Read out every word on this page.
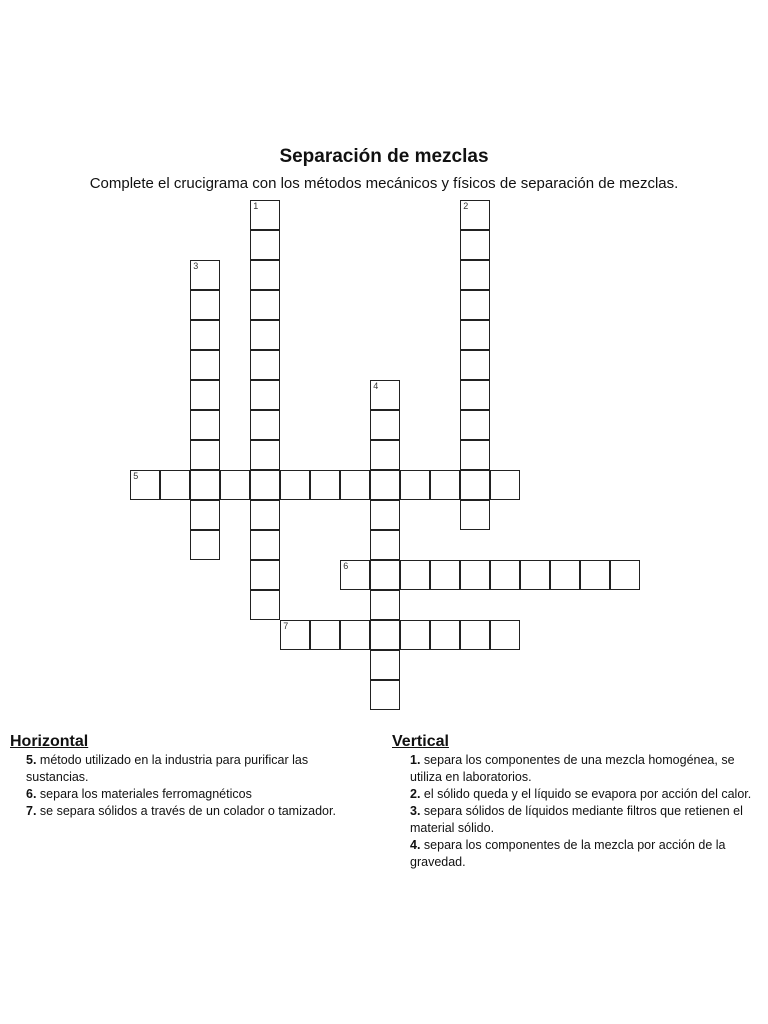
Separación de mezclas
Complete el crucigrama con los métodos mecánicos y físicos de separación de mezclas.
1	2
3
4
5
6
7
Horizontal

5. método utilizado en la industria para purificar las sustancias.

6. separa los materiales ferromagnéticos

7. se separa sólidos a través de un colador o tamizador.

Vertical

1. separa los componentes de una mezcla homogénea, se utiliza en laboratorios.

2. el sólido queda y el líquido se evapora por acción del calor.

3. separa sólidos de líquidos mediante filtros que retienen el material sólido.

4. separa los componentes de la mezcla por acción de la gravedad.
